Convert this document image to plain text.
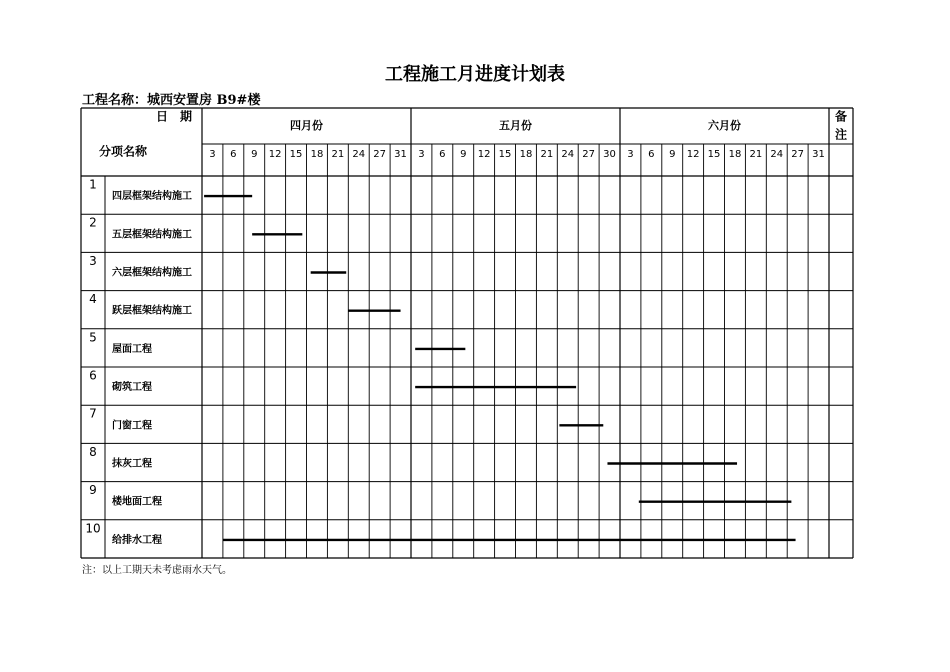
工程施工月进度计划表
工程名称：城西安置房 B9#楼
四月份
3 6 9 12 15 18 21 24 27 31
五月份
3 6 9 12 15 18 21 24 27 30
六月份
3 6 9 12 15 18 21 24 27 31
日　期
分项名称
备
注
1
四层框架结构施工
2
五层框架结构施工
3
六层框架结构施工
4
跃层框架结构施工
5
屋面工程
6
砌筑工程
7
门窗工程
8
抹灰工程
9
楼地面工程
10
给排水工程
注：以上工期天未考虑雨水天气。
